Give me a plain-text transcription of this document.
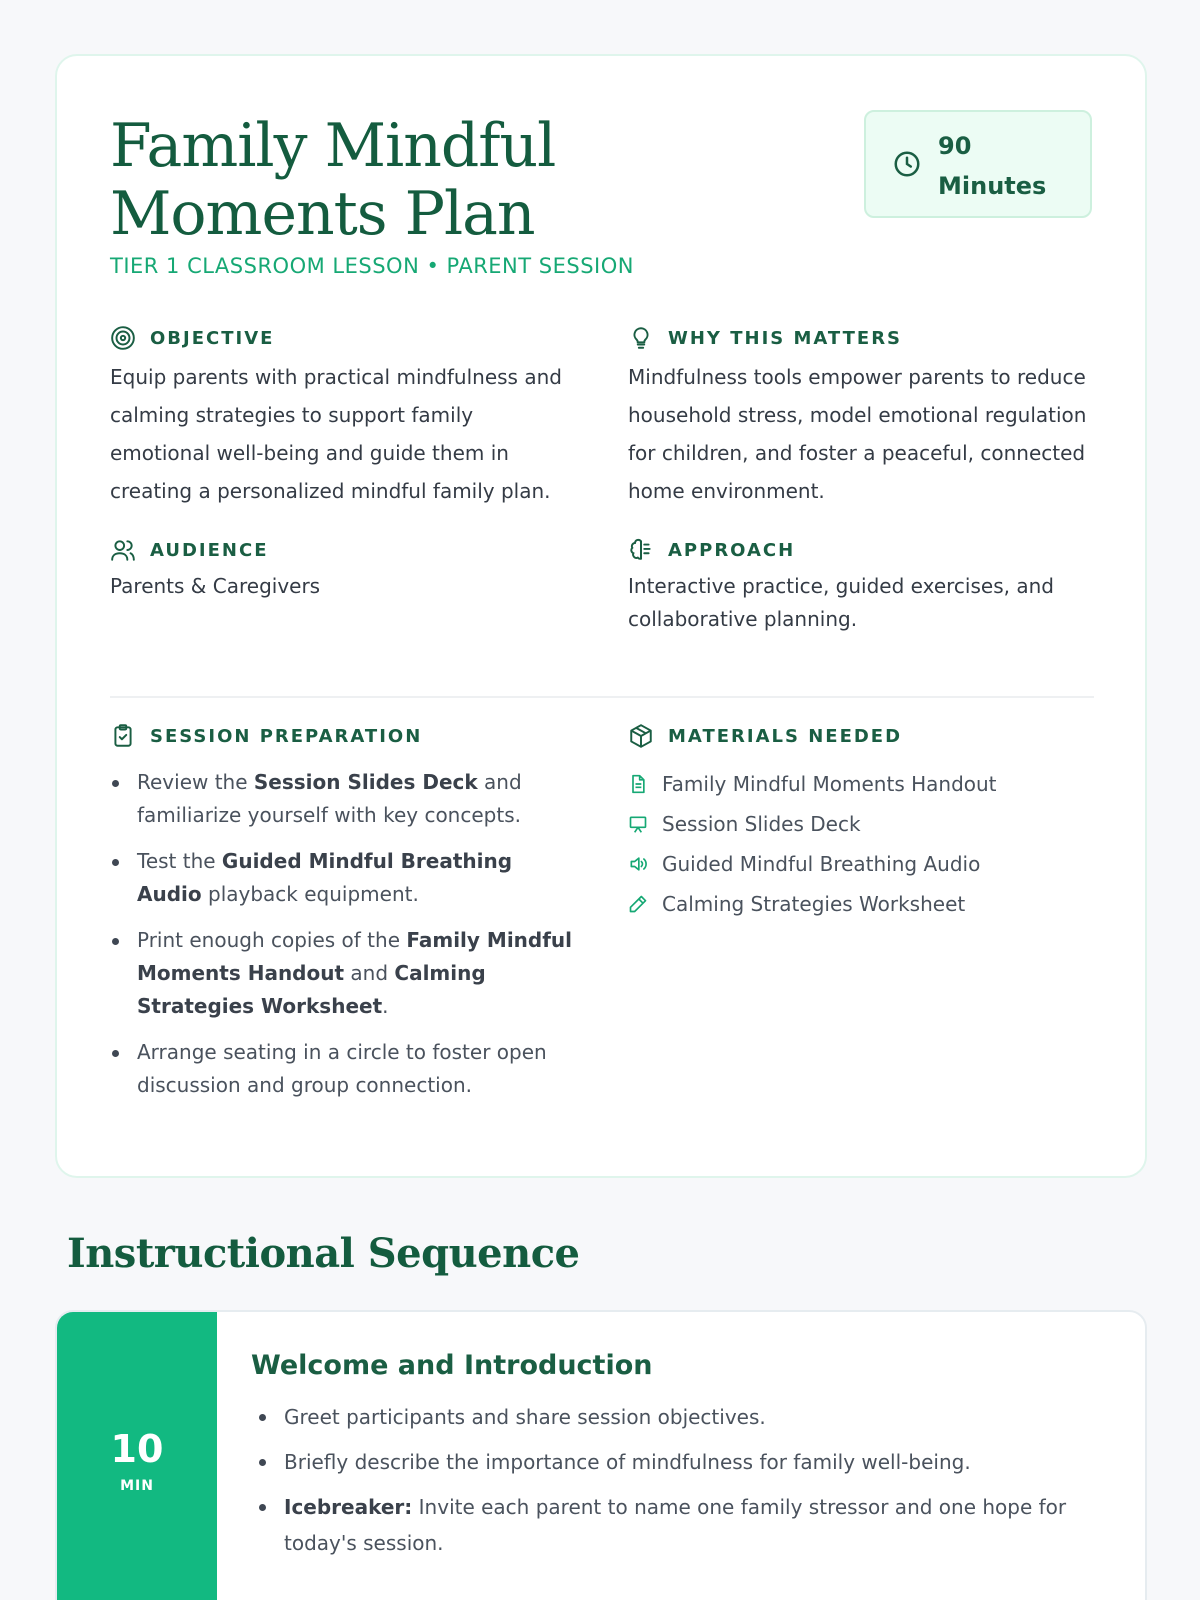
Family Mindful Moments Plan
90
Minutes
TIER 1 CLASSROOM LESSON • PARENT SESSION
OBJECTIVE
Equip parents with practical mindfulness and calming strategies to support family emotional well-being and guide them in creating a personalized mindful family plan.
WHY THIS MATTERS
Mindfulness tools empower parents to reduce household stress, model emotional regulation for children, and foster a peaceful, connected home environment.
AUDIENCE
Parents & Caregivers
APPROACH
Interactive practice, guided exercises, and collaborative planning.
SESSION PREPARATION
Review the Session Slides Deck and familiarize yourself with key concepts.
Test the Guided Mindful Breathing Audio playback equipment.
Print enough copies of the Family Mindful Moments Handout and Calming Strategies Worksheet.
Arrange seating in a circle to foster open discussion and group connection.
MATERIALS NEEDED
Family Mindful Moments Handout
Session Slides Deck
Guided Mindful Breathing Audio
Calming Strategies Worksheet
Instructional Sequence
10
MIN
Welcome and Introduction
Greet participants and share session objectives.
Briefly describe the importance of mindfulness for family well-being.
Icebreaker: Invite each parent to name one family stressor and one hope for today's session.
